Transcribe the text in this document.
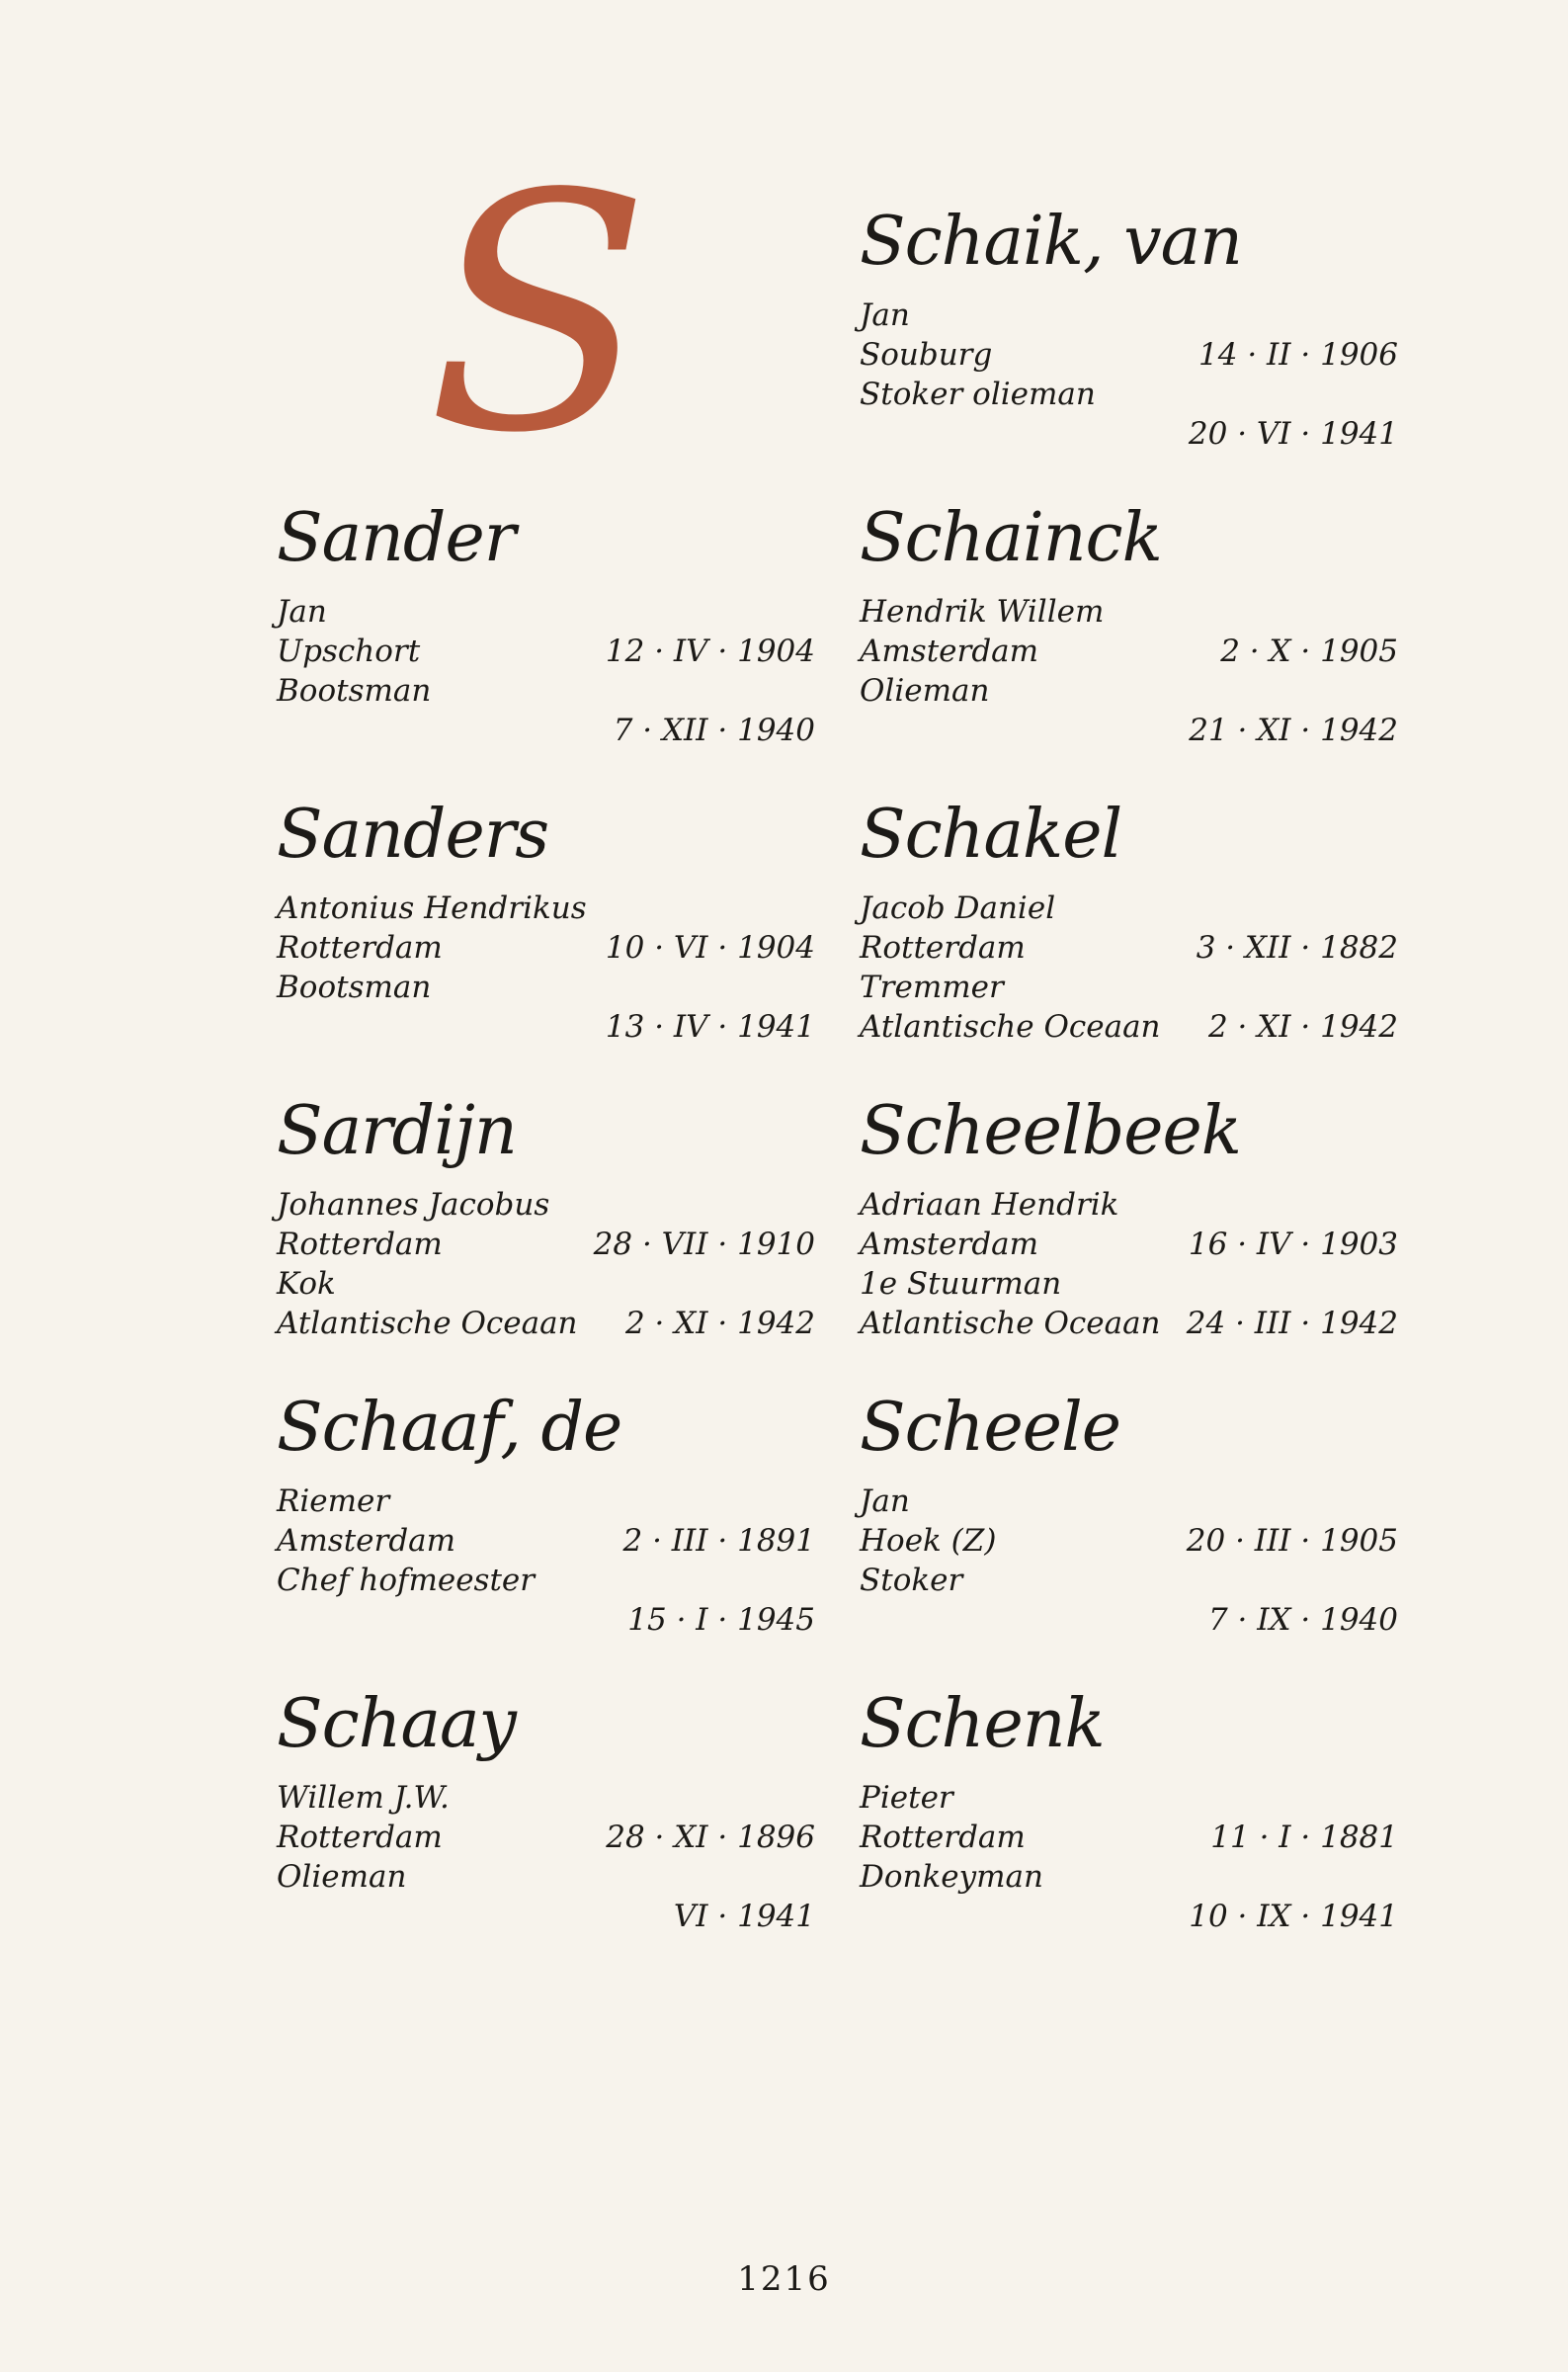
S
Sander
Jan
Upschort	12 · IV · 1904
Bootsman
7 · XII · 1940
Sanders
Antonius Hendrikus
Rotterdam	10 · VI · 1904
Bootsman
13 · IV · 1941
Sardijn
Johannes Jacobus
Rotterdam	28 · VII · 1910
Kok
Atlantische Oceaan 2 · XI · 1942
Schaaf, de
Riemer
Amsterdam	2 · III · 1891
Chef hofmeester
15 · I · 1945
Schaay
Willem J.W.
Rotterdam	28 · XI · 1896
Olieman
VI · 1941
Schaik, van
Jan
Souburg	14 · II · 1906
Stoker olieman
20 · VI · 1941
Schainck
Hendrik Willem
Amsterdam	2 · X · 1905
Olieman
21 · XI · 1942
Schakel
Jacob Daniel
Rotterdam	3 · XII · 1882
Tremmer
Atlantische Oceaan 2 · XI · 1942
Scheelbeek
Adriaan Hendrik
Amsterdam	16 · IV · 1903
1e Stuurman
Atlantische Oceaan 24 · III · 1942
Scheele
Jan
Hoek (Z)	20 · III · 1905
Stoker
7 · IX · 1940
Schenk
Pieter
Rotterdam	11 · I · 1881
Donkeyman
10 · IX · 1941
1216
